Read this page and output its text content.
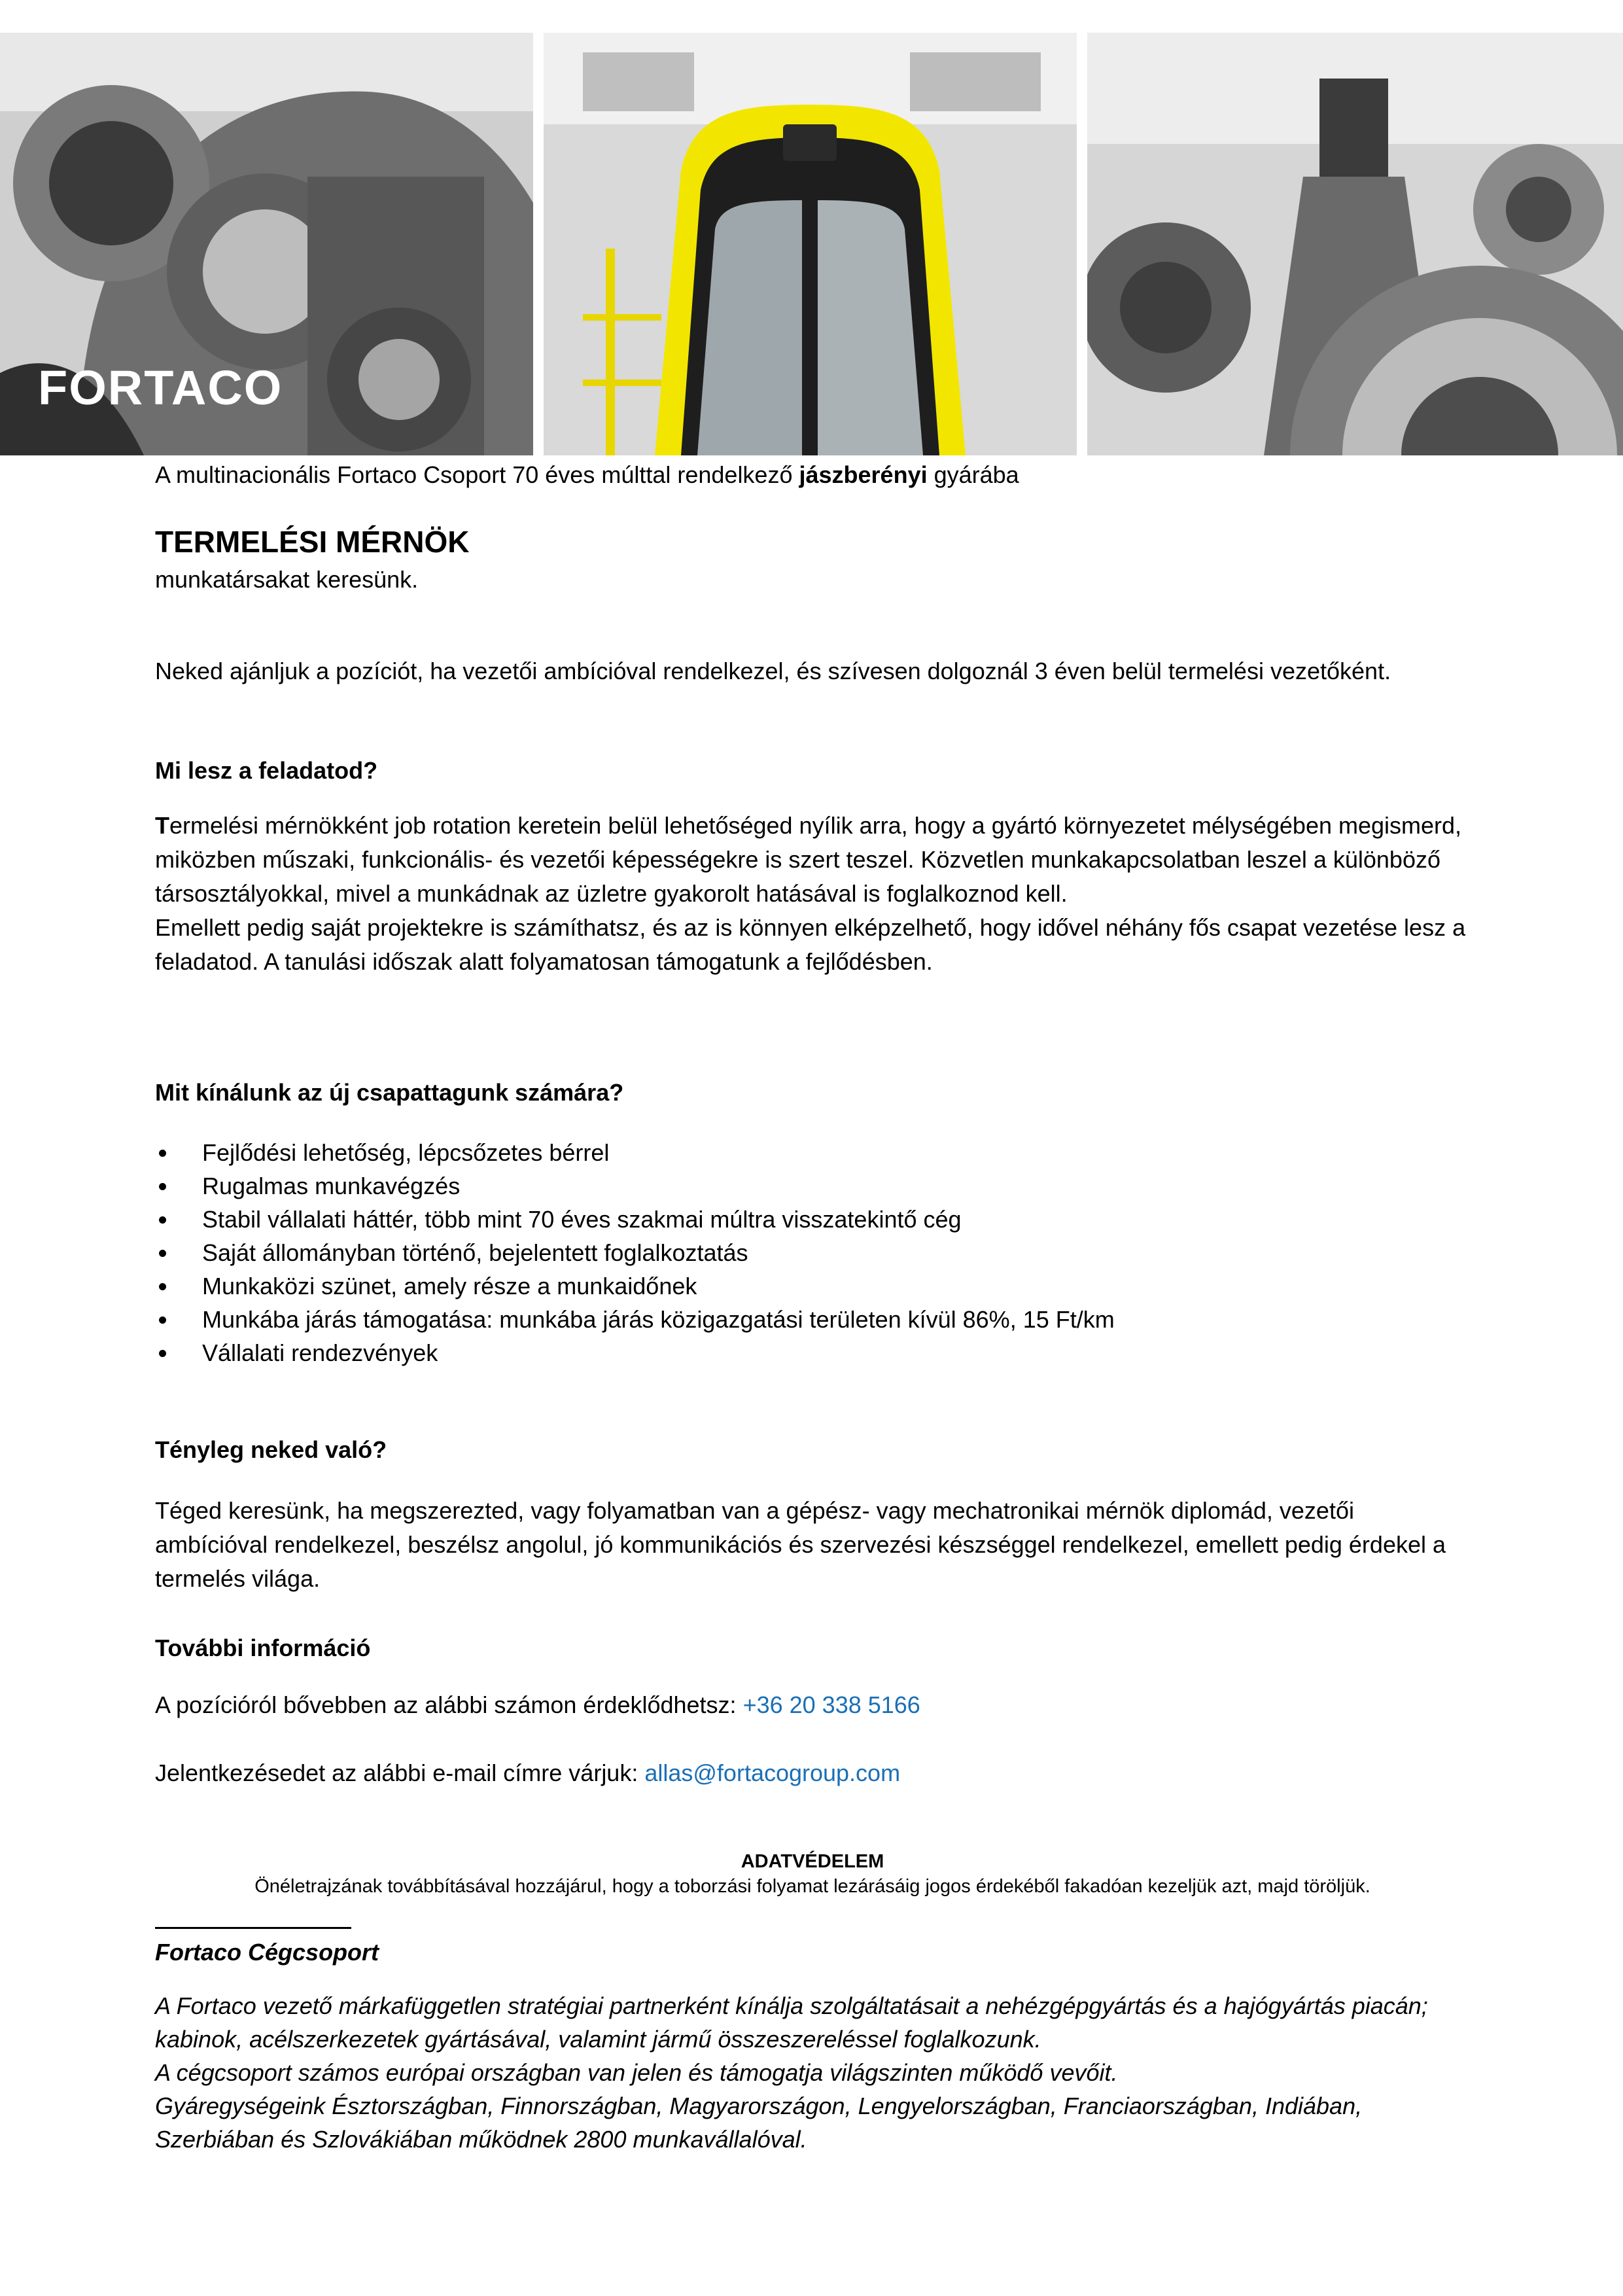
FORTACO

A multinacionális Fortaco Csoport 70 éves múlttal rendelkező jászberényi gyárába

TERMELÉSI MÉRNÖK

munkatársakat keresünk.

Neked ajánljuk a pozíciót, ha vezetői ambícióval rendelkezel, és szívesen dolgoznál 3 éven belül termelési vezetőként.

Mi lesz a feladatod?

Termelési mérnökként job rotation keretein belül lehetőséged nyílik arra, hogy a gyártó környezetet mélységében megismerd, miközben műszaki, funkcionális- és vezetői képességekre is szert teszel. Közvetlen munkakapcsolatban leszel a különböző társosztályokkal, mivel a munkádnak az üzletre gyakorolt hatásával is foglalkoznod kell.

Emellett pedig saját projektekre is számíthatsz, és az is könnyen elképzelhető, hogy idővel néhány fős csapat vezetése lesz a feladatod. A tanulási időszak alatt folyamatosan támogatunk a fejlődésben.

Mit kínálunk az új csapattagunk számára?

Fejlődési lehetőség, lépcsőzetes bérrel
Rugalmas munkavégzés
Stabil vállalati háttér, több mint 70 éves szakmai múltra visszatekintő cég
Saját állományban történő, bejelentett foglalkoztatás
Munkaközi szünet, amely része a munkaidőnek
Munkába járás támogatása: munkába járás közigazgatási területen kívül 86%, 15 Ft/km
Vállalati rendezvények

Tényleg neked való?

Téged keresünk, ha megszerezted, vagy folyamatban van a gépész- vagy mechatronikai mérnök diplomád, vezetői ambícióval rendelkezel, beszélsz angolul, jó kommunikációs és szervezési készséggel rendelkezel, emellett pedig érdekel a termelés világa.

További információ

A pozícióról bővebben az alábbi számon érdeklődhetsz: +36 20 338 5166

Jelentkezésedet az alábbi e-mail címre várjuk: allas@fortacogroup.com

ADATVÉDELEM

Önéletrajzának továbbításával hozzájárul, hogy a toborzási folyamat lezárásáig jogos érdekéből fakadóan kezeljük azt, majd töröljük.

Fortaco Cégcsoport

A Fortaco vezető márkafüggetlen stratégiai partnerként kínálja szolgáltatásait a nehézgépgyártás és a hajógyártás piacán; kabinok, acélszerkezetek gyártásával, valamint jármű összeszereléssel foglalkozunk.

A cégcsoport számos európai országban van jelen és támogatja világszinten működő vevőit.

Gyáregységeink Észtországban, Finnországban, Magyarországon, Lengyelországban, Franciaországban, Indiában, Szerbiában és Szlovákiában működnek 2800 munkavállalóval.
